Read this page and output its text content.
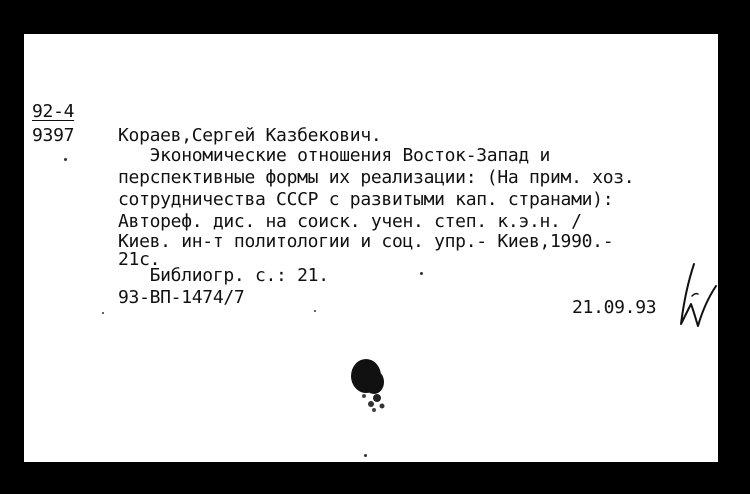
92-4
9397 Кораев,Сергей Казбекович.
Экономические отношения Восток-Запад и
перспективные формы их реализации: (На прим. хоз.
сотрудничества СССР с развитыми кап. странами):
Автореф. дис. на соиск. учен. степ. к.э.н. /
Киев. ин-т политологии и соц. упр.- Киев,1990.-
21с.
Библиогр. с.: 21.
93-ВП-1474/7	21.09.93
